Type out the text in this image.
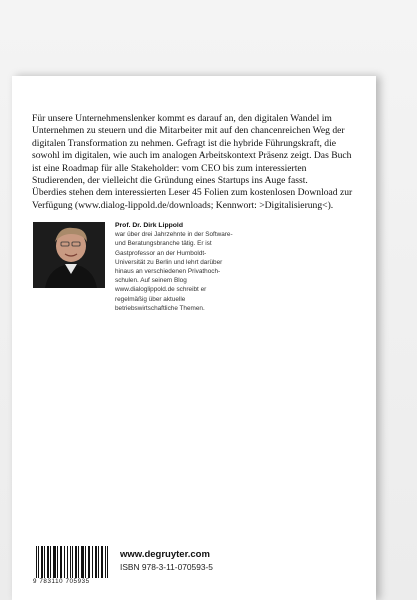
Für unsere Unternehmenslenker kommt es darauf an, den digitalen Wandel im Unternehmen zu steuern und die Mitarbeiter mit auf den chancenreichen Weg der digitalen Transformation zu nehmen. Gefragt ist die hybride Führungskraft, die sowohl im digitalen, wie auch im analogen Arbeitskontext Präsenz zeigt. Das Buch ist eine Roadmap für alle Stakeholder: vom CEO bis zum interessierten Studierenden, der vielleicht die Gründung eines Startups ins Auge fasst.

Überdies stehen dem interessierten Leser 45 Folien zum kostenlosen Download zur Verfügung (www.dialog-lippold.de/downloads; Kennwort: >Digitalisierung<).

Prof. Dr. Dirk Lippold
war über drei Jahrzehnte in der Software- und Beratungsbranche tätig. Er ist Gastprofessor an der Humboldt-Universität zu Berlin und lehrt darüber hinaus an verschiedenen Privathoch-schulen. Auf seinem Blog www.dialoglippold.de schreibt er regelmäßig über aktuelle betriebswirtschaftliche Themen.
9 783110 705935
www.degruyter.com
ISBN 978-3-11-070593-5
